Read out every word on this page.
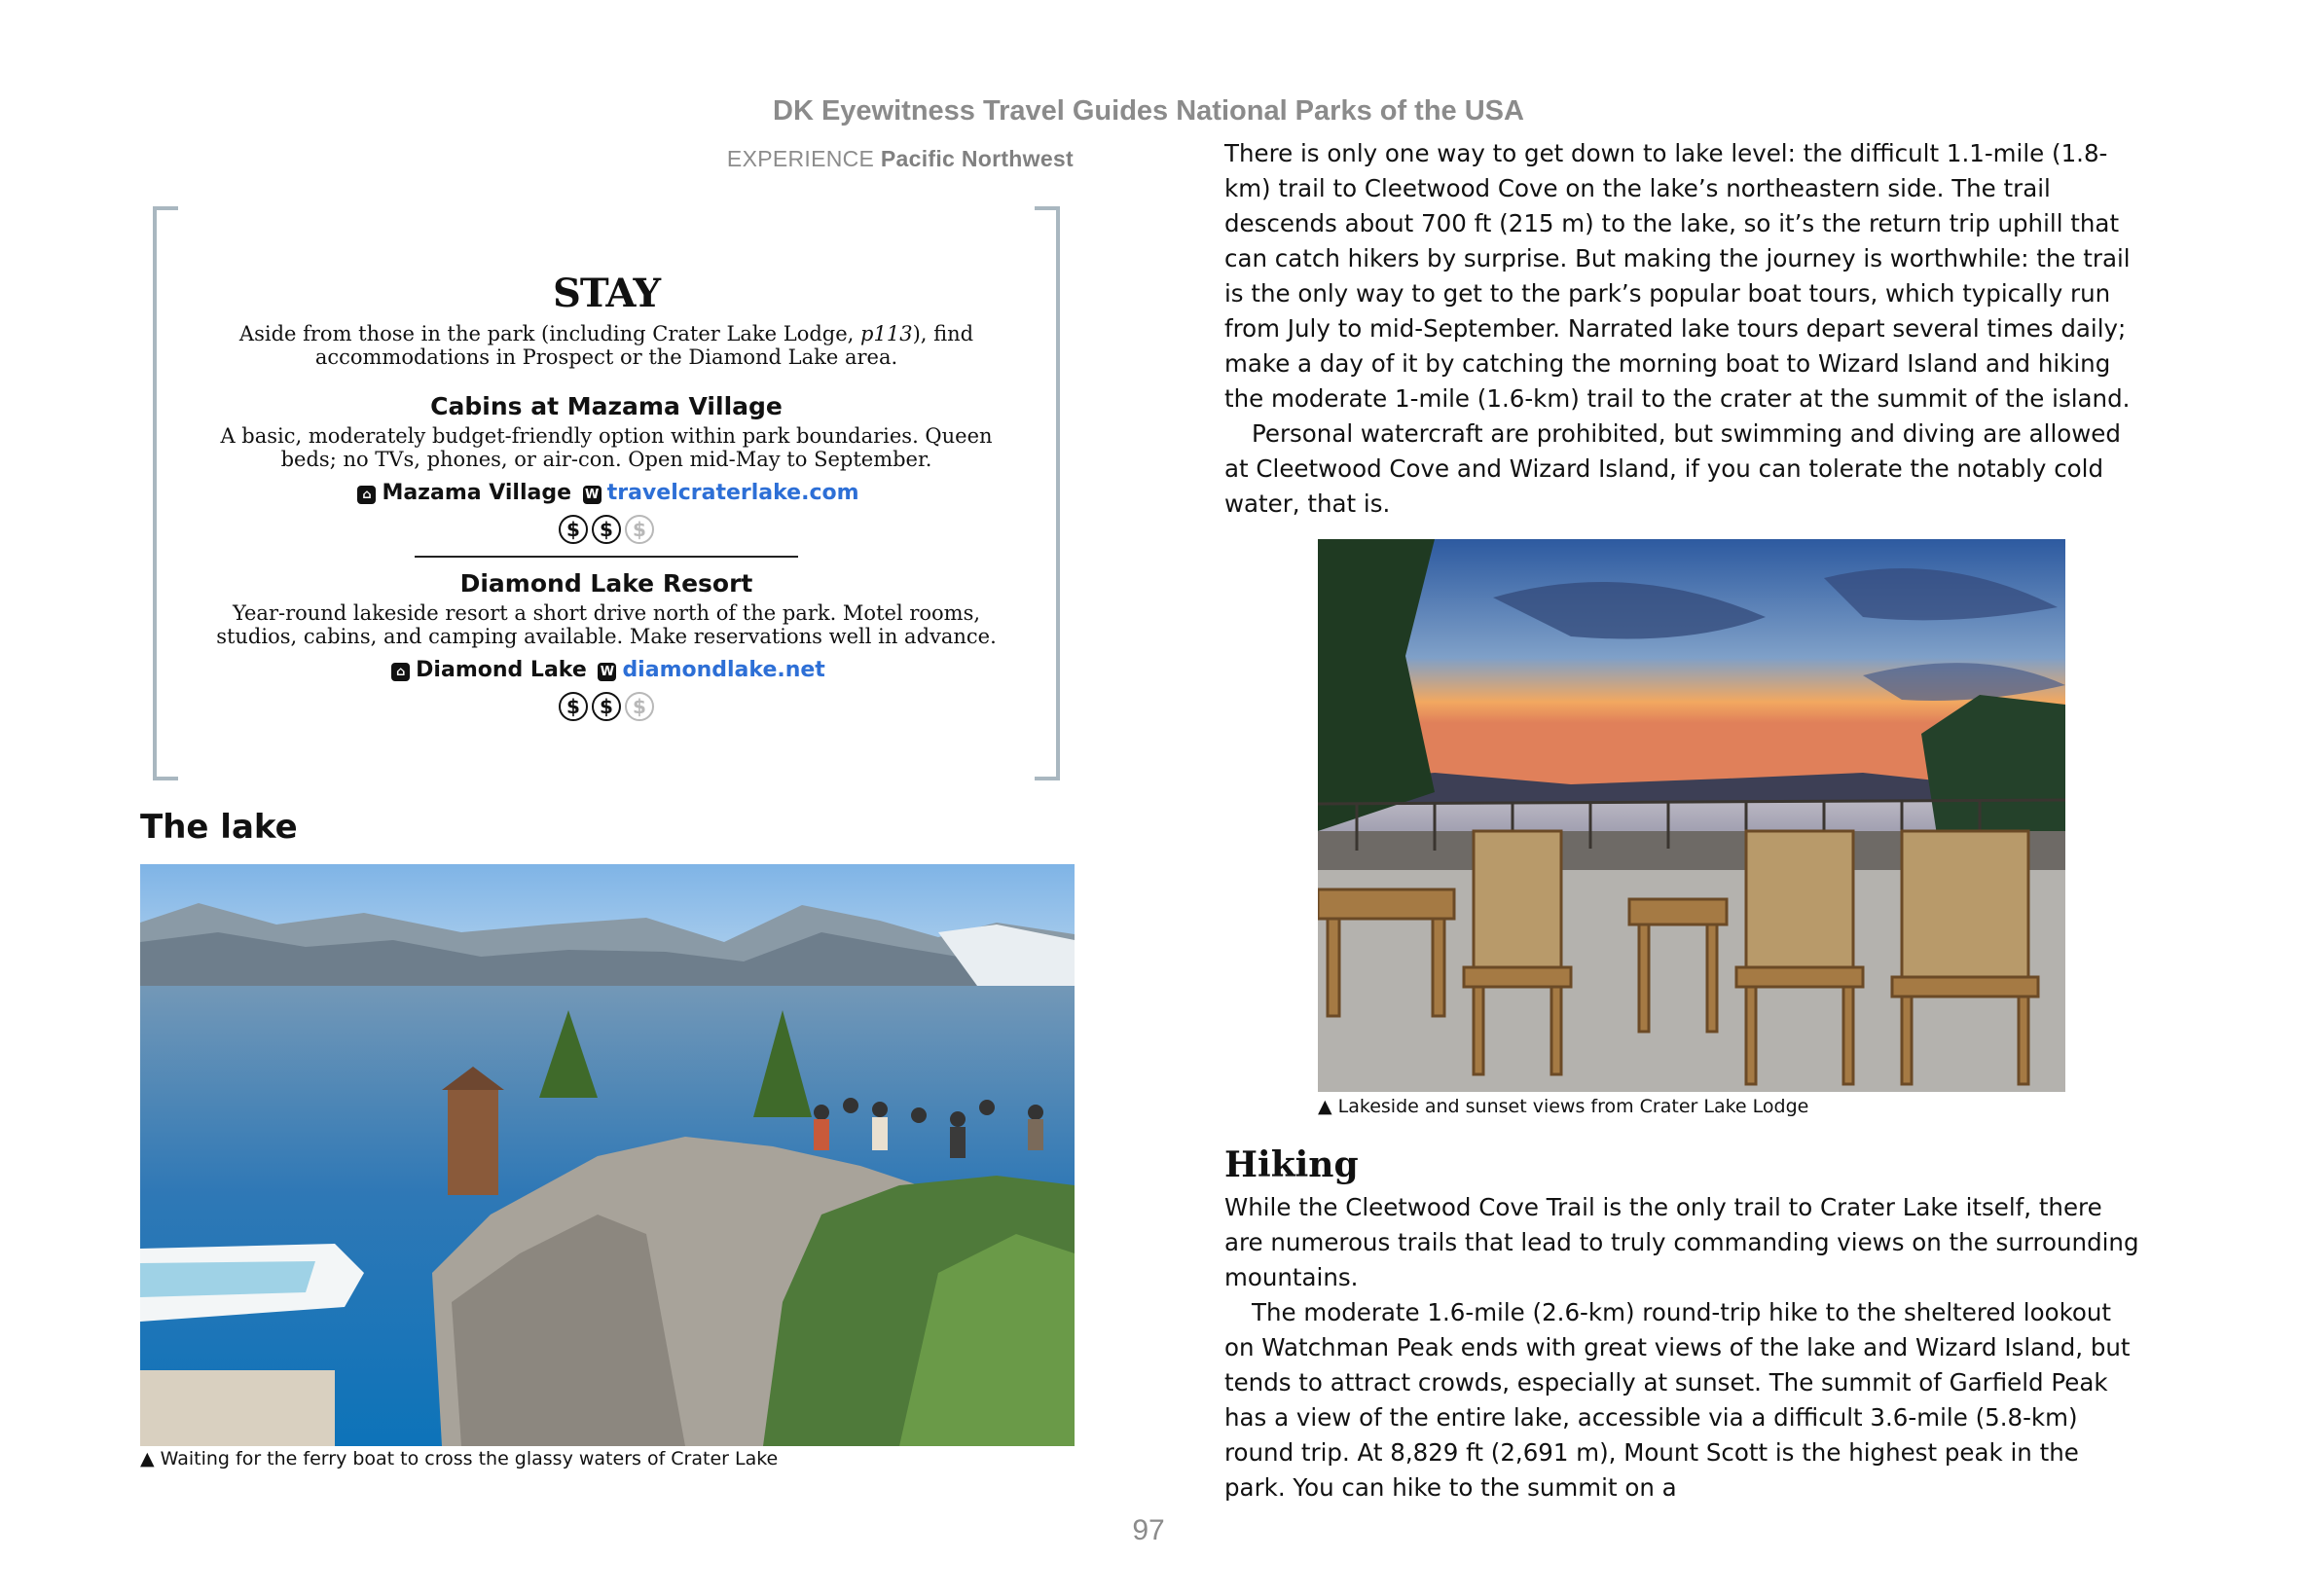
DK Eyewitness Travel Guides National Parks of the USA
EXPERIENCE Pacific Northwest
STAY

Aside from those in the park (including Crater Lake Lodge, p113), find accommodations in Prospect or the Diamond Lake area.

Cabins at Mazama Village

A basic, moderately budget-friendly option within park boundaries. Queen beds; no TVs, phones, or air-con. Open mid-May to September.

⌂ Mazama Village W travelcraterlake.com
$ $ $
Diamond Lake Resort

Year-round lakeside resort a short drive north of the park. Motel rooms, studios, cabins, and camping available. Make reservations well in advance.

⌂ Diamond Lake W diamondlake.net
$ $ $
The lake
▲ Waiting for the ferry boat to cross the glassy waters of Crater Lake

There is only one way to get down to lake level: the difficult 1.1-mile (1.8-km) trail to Cleetwood Cove on the lake’s northeastern side. The trail descends about 700 ft (215 m) to the lake, so it’s the return trip uphill that can catch hikers by surprise. But making the journey is worthwhile: the trail is the only way to get to the park’s popular boat tours, which typically run from July to mid-September. Narrated lake tours depart several times daily; make a day of it by catching the morning boat to Wizard Island and hiking the moderate 1-mile (1.6-km) trail to the crater at the summit of the island.
Personal watercraft are prohibited, but swimming and diving are allowed at Cleetwood Cove and Wizard Island, if you can tolerate the notably cold water, that is.

▲ Lakeside and sunset views from Crater Lake Lodge
Hiking

While the Cleetwood Cove Trail is the only trail to Crater Lake itself, there are numerous trails that lead to truly commanding views on the surrounding mountains.
The moderate 1.6-mile (2.6-km) round-trip hike to the sheltered lookout on Watchman Peak ends with great views of the lake and Wizard Island, but tends to attract crowds, especially at sunset. The summit of Garfield Peak has a view of the entire lake, accessible via a difficult 3.6-mile (5.8-km) round trip. At 8,829 ft (2,691 m), Mount Scott is the highest peak in the park. You can hike to the summit on a

97
